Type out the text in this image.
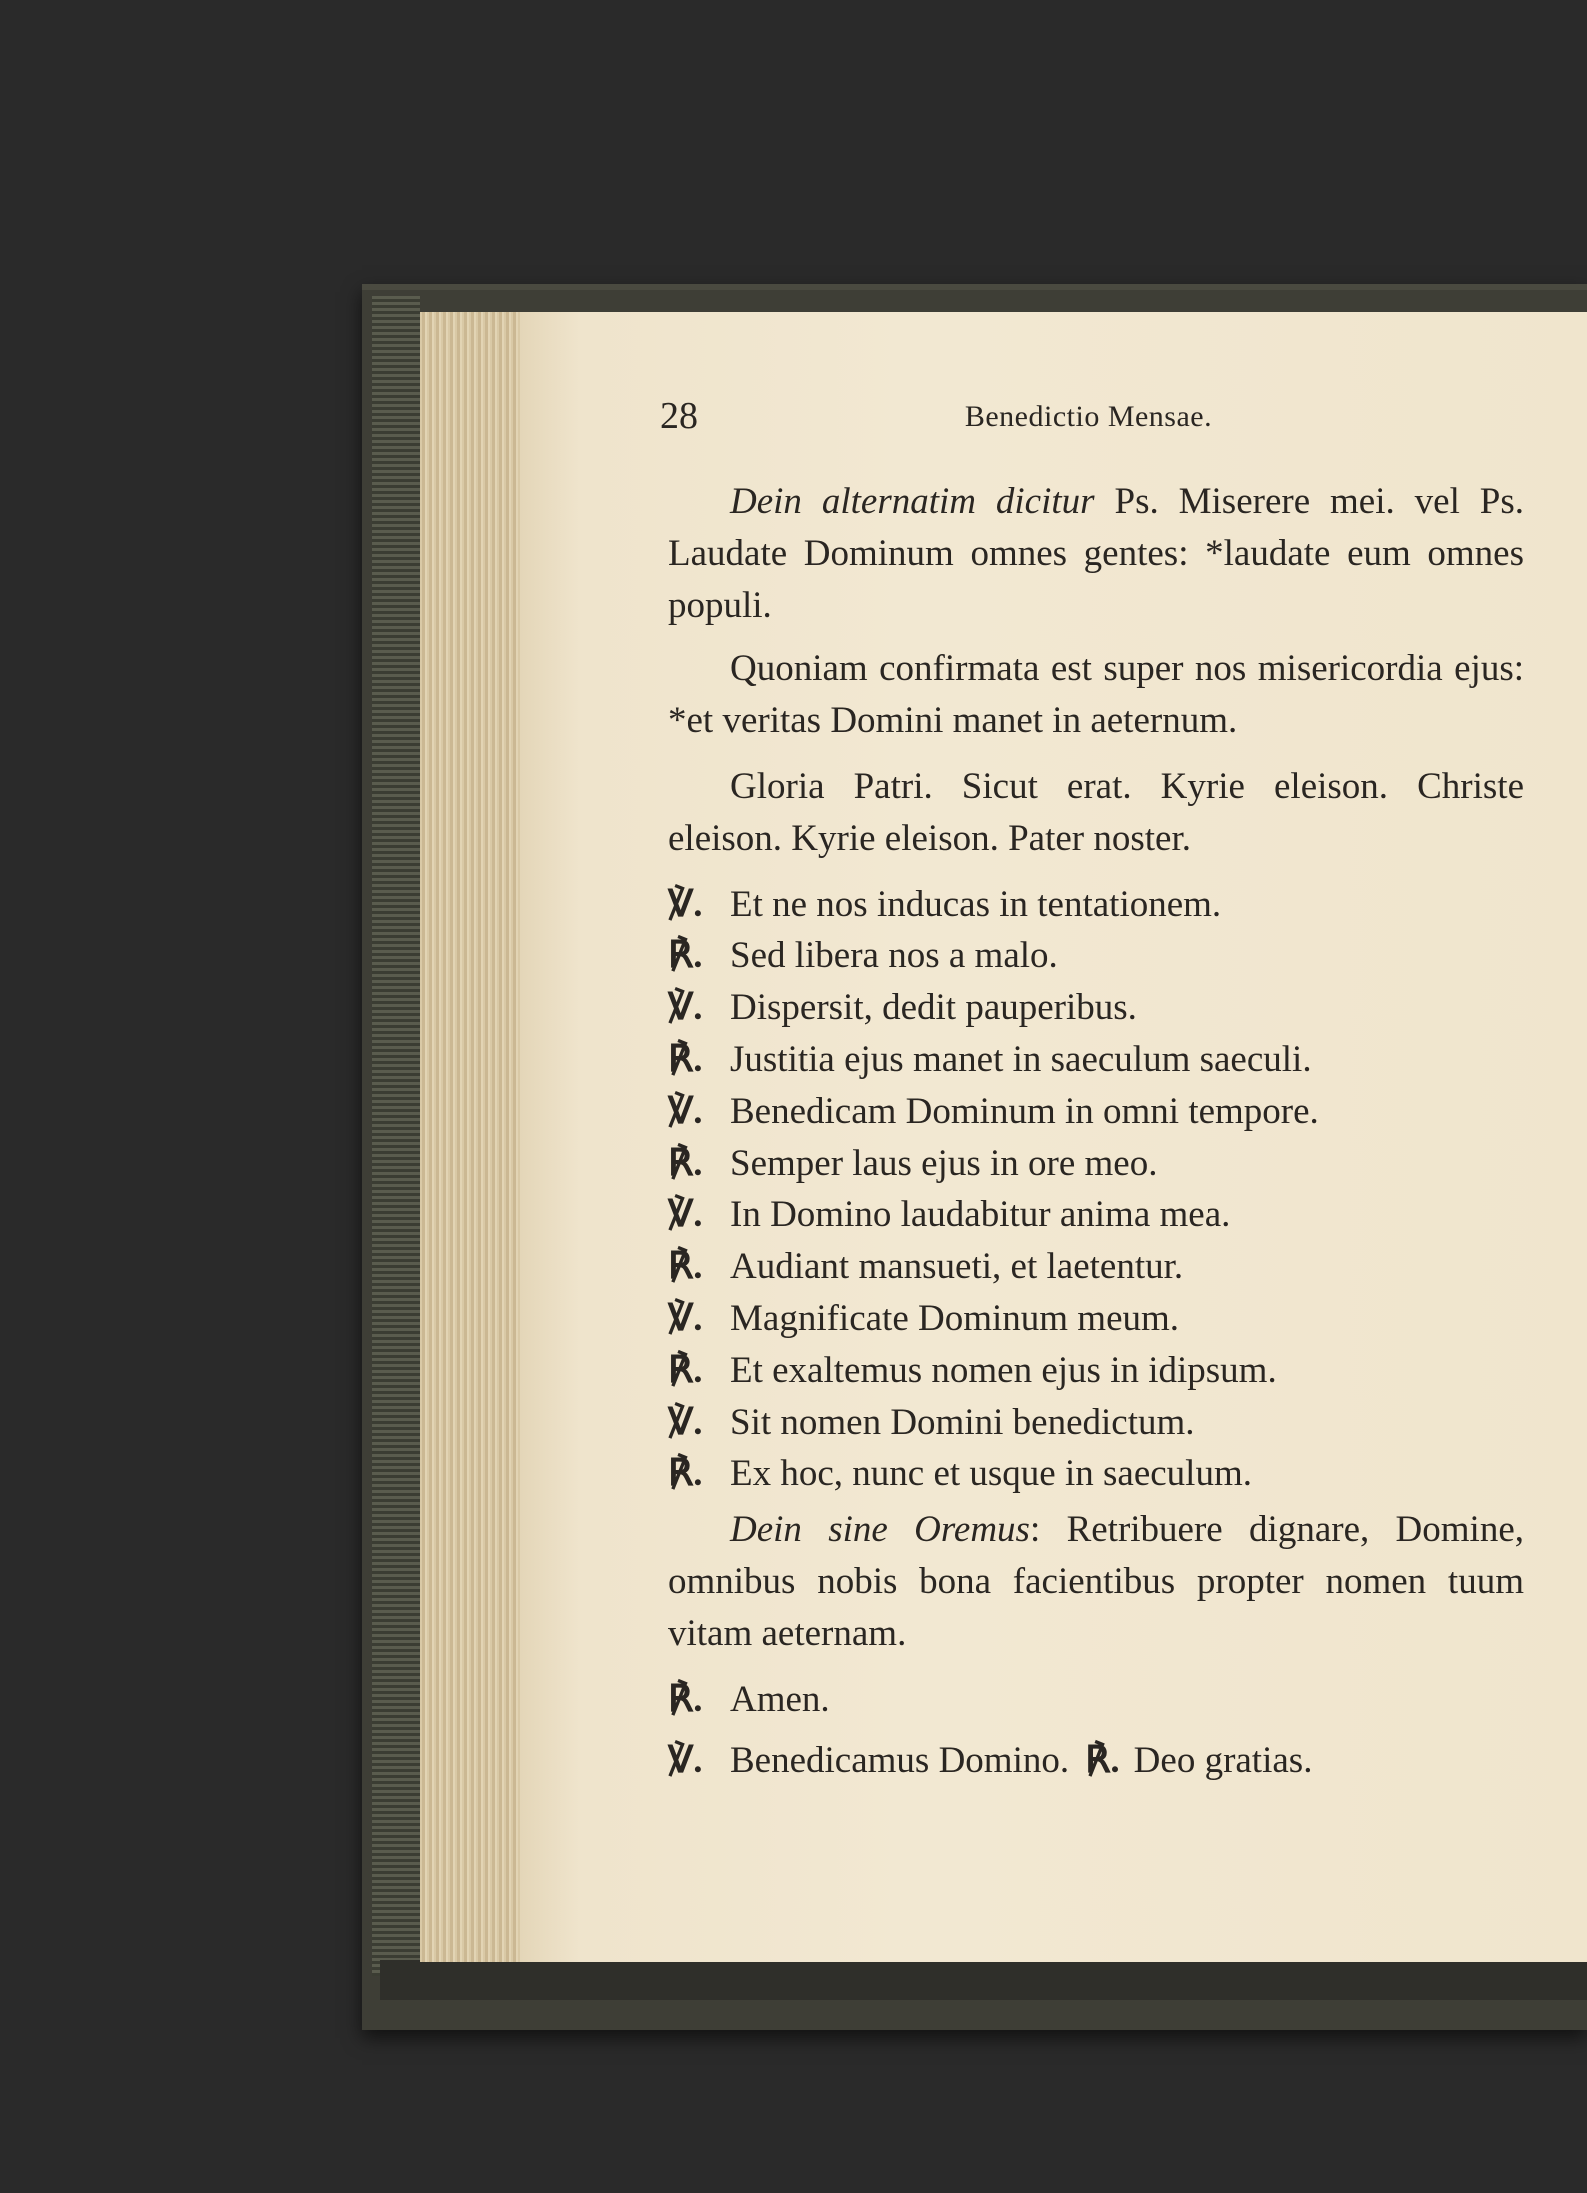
28	Benedictio Mensae.

Dein alternatim dicitur Ps. Miserere mei. vel Ps. Laudate Dominum omnes gentes: *laudate eum omnes populi.

Quoniam confirmata est super nos misericordia ejus: *et veritas Domini manet in aeternum.

Gloria Patri. Sicut erat. Kyrie eleison. Christe eleison. Kyrie eleison. Pater noster.

℣. Et ne nos inducas in tentationem.
℟. Sed libera nos a malo.
℣. Dispersit, dedit pauperibus.
℟. Justitia ejus manet in saeculum saeculi.
℣. Benedicam Dominum in omni tempore.
℟. Semper laus ejus in ore meo.
℣. In Domino laudabitur anima mea.
℟. Audiant mansueti, et laetentur.
℣. Magnificate Dominum meum.
℟. Et exaltemus nomen ejus in idipsum.
℣. Sit nomen Domini benedictum.
℟. Ex hoc, nunc et usque in saeculum.

Dein sine Oremus: Retribuere dignare, Domine, omnibus nobis bona facientibus propter nomen tuum vitam aeternam.

℟. Amen.
℣. Benedicamus Domino. ℟. Deo gratias.
